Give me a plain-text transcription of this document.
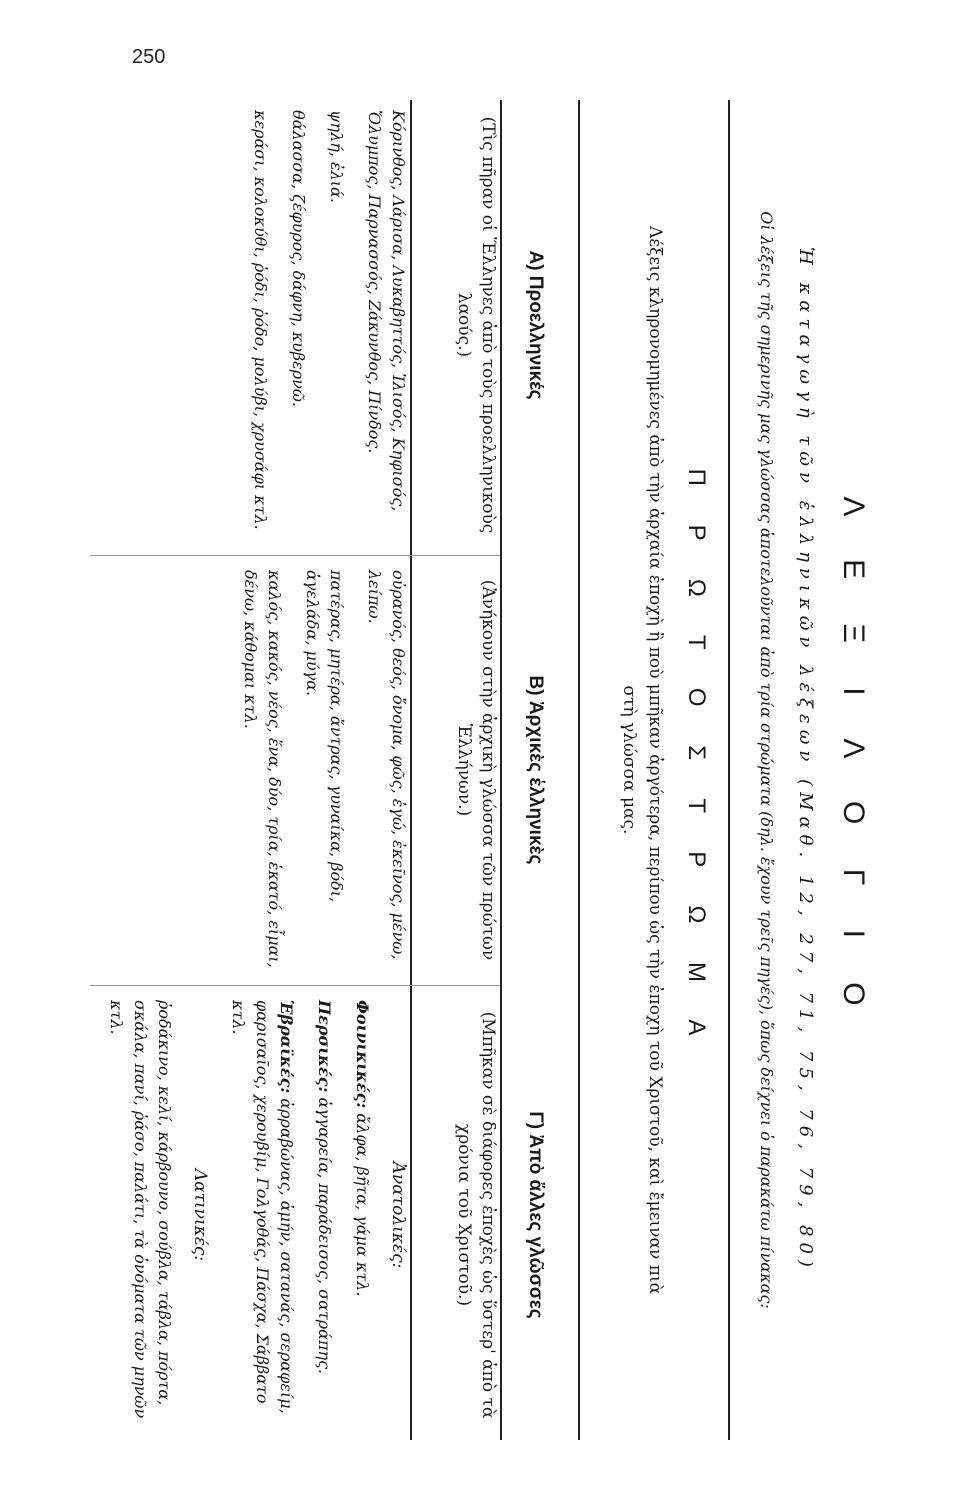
250
Λ Ε Ξ Ι Λ Ο Γ Ι Ο
Ἡ καταγωγὴ τῶν ἑλληνικῶν λέξεων (Μαθ. 12, 27, 71, 75, 76, 79, 80)
Οἱ λέξεις τῆς σημερινῆς μας γλώσσας ἀποτελοῦνται ἀπὸ τρία στρώματα (δηλ. ἔχουν τρεῖς πηγές), ὅπως δείχνει ὁ παρακάτω πίνακας:
Π Ρ Ω Τ Ο Σ Τ Ρ Ω Μ Α
Λέξεις κληρονομημένες ἀπὸ τὴν ἀρχαία ἐποχὴ ἢ ποὺ μπῆκαν ἀργότερα, περίπου ὡς τὴν ἐποχὴ τοῦ Χριστοῦ, καὶ ἔμειναν πιὰ
στὴ γλώσσα μας.
Α) Προελληνικές
(Τὶς πῆραν οἱ Ἕλληνες ἀπὸ τοὺς προελληνικοὺς λαούς.)

Κόρινθος, Λάρισα, Λυκαβηττός, Ἰλισός, Κηφισός, Ὄλυμπος, Παρνασσός, Ζάκυνθος, Πίνδος.

ψηλή, ἐλιά.

θάλασσα, ζέφυρος, δάφνη, κυβερνῶ.

κεράσι, κολοκύθι, ῥόδι, ῥόδο, μολύβι, χρυσάφι κτλ.

Β) Ἀρχικὲς ἑλληνικὲς
(Ἀνήκουν στὴν ἀρχικὴ γλώσσα τῶν πρώτων Ἑλλήνων.)

οὐρανός, θεός, ὄνομα, φῶς, ἐγώ, ἐκεῖνος, μένω, λείπω.

πατέρας, μητέρα, ἄντρας, γυναίκα, βόδι, ἀγελάδα, μύγα.

καλός, κακός, νέος, ἕνα, δύο, τρία, ἑκατό, εἶμαι, δένω, κάθομαι κτλ.

Γ) Ἀπὸ ἄλλες γλῶσσες
(Μπῆκαν σὲ διάφορες ἐποχὲς ὡς ὕστερ' ἀπὸ τὰ χρόνια τοῦ Χριστοῦ.)
Ἀνατολικές:

Φοινικικές: ἄλφα, βῆτα, γάμα κτλ.

Περσικές: ἀγγαρεία, παράδεισος, σατράπης.

Ἑβραϊκές: ἀρραβώνας, ἀμήν, σατανάς, σεραφείμ, φαρισαῖος, χερουβίμ, Γολγοθάς, Πάσχα, Σάββατο κτλ.

Λατινικές:

ῥοδάκινο, κελί, κάρβουνο, σούβλα, τάβλα, πόρτα, σκάλα, πανί, ῥάσο, παλάτι, τὰ ὀνόματα τῶν μηνῶν κτλ.
